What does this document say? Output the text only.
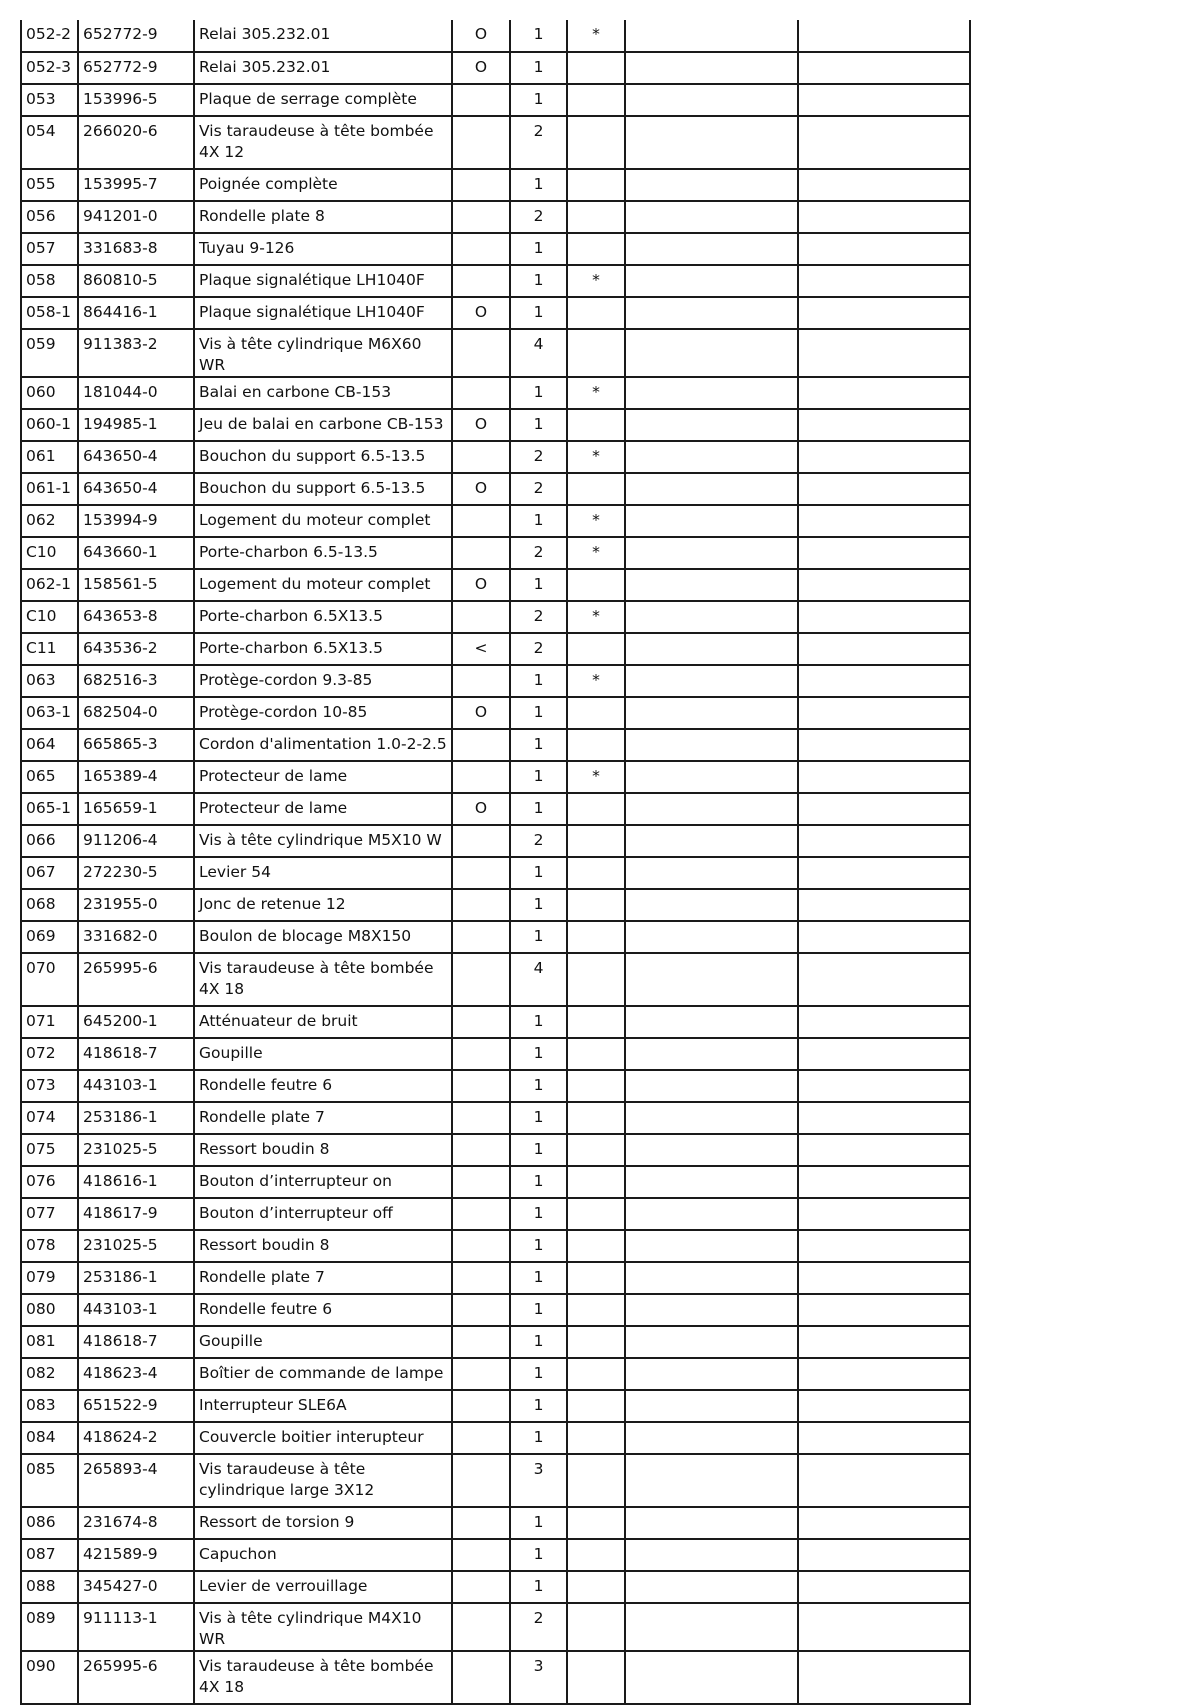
052-2	652772-9	Relai 305.232.01	O	1	*		
052-3	652772-9	Relai 305.232.01	O	1			
053	153996-5	Plaque de serrage complète		1			
054	266020-6	Vis taraudeuse à tête bombée 4X 12		2			
055	153995-7	Poignée complète		1			
056	941201-0	Rondelle plate 8		2			
057	331683-8	Tuyau 9-126		1			
058	860810-5	Plaque signalétique LH1040F		1	*		
058-1	864416-1	Plaque signalétique LH1040F	O	1			
059	911383-2	Vis à tête cylindrique M6X60 WR		4			
060	181044-0	Balai en carbone CB-153		1	*		
060-1	194985-1	Jeu de balai en carbone CB-153	O	1			
061	643650-4	Bouchon du support 6.5-13.5		2	*		
061-1	643650-4	Bouchon du support 6.5-13.5	O	2			
062	153994-9	Logement du moteur complet		1	*		
C10	643660-1	Porte-charbon 6.5-13.5		2	*		
062-1	158561-5	Logement du moteur complet	O	1			
C10	643653-8	Porte-charbon 6.5X13.5		2	*		
C11	643536-2	Porte-charbon 6.5X13.5	<	2			
063	682516-3	Protège-cordon 9.3-85		1	*		
063-1	682504-0	Protège-cordon 10-85	O	1			
064	665865-3	Cordon d'alimentation 1.0-2-2.5		1			
065	165389-4	Protecteur de lame		1	*		
065-1	165659-1	Protecteur de lame	O	1			
066	911206-4	Vis à tête cylindrique M5X10 W		2			
067	272230-5	Levier 54		1			
068	231955-0	Jonc de retenue 12		1			
069	331682-0	Boulon de blocage M8X150		1			
070	265995-6	Vis taraudeuse à tête bombée 4X 18		4			
071	645200-1	Atténuateur de bruit		1			
072	418618-7	Goupille		1			
073	443103-1	Rondelle feutre 6		1			
074	253186-1	Rondelle plate 7		1			
075	231025-5	Ressort boudin 8		1			
076	418616-1	Bouton d’interrupteur on		1			
077	418617-9	Bouton d’interrupteur off		1			
078	231025-5	Ressort boudin 8		1			
079	253186-1	Rondelle plate 7		1			
080	443103-1	Rondelle feutre 6		1			
081	418618-7	Goupille		1			
082	418623-4	Boîtier de commande de lampe		1			
083	651522-9	Interrupteur SLE6A		1			
084	418624-2	Couvercle boitier interupteur		1			
085	265893-4	Vis taraudeuse à tête cylindrique large 3X12		3			
086	231674-8	Ressort de torsion 9		1			
087	421589-9	Capuchon		1			
088	345427-0	Levier de verrouillage		1			
089	911113-1	Vis à tête cylindrique M4X10 WR		2			
090	265995-6	Vis taraudeuse à tête bombée 4X 18		3			
